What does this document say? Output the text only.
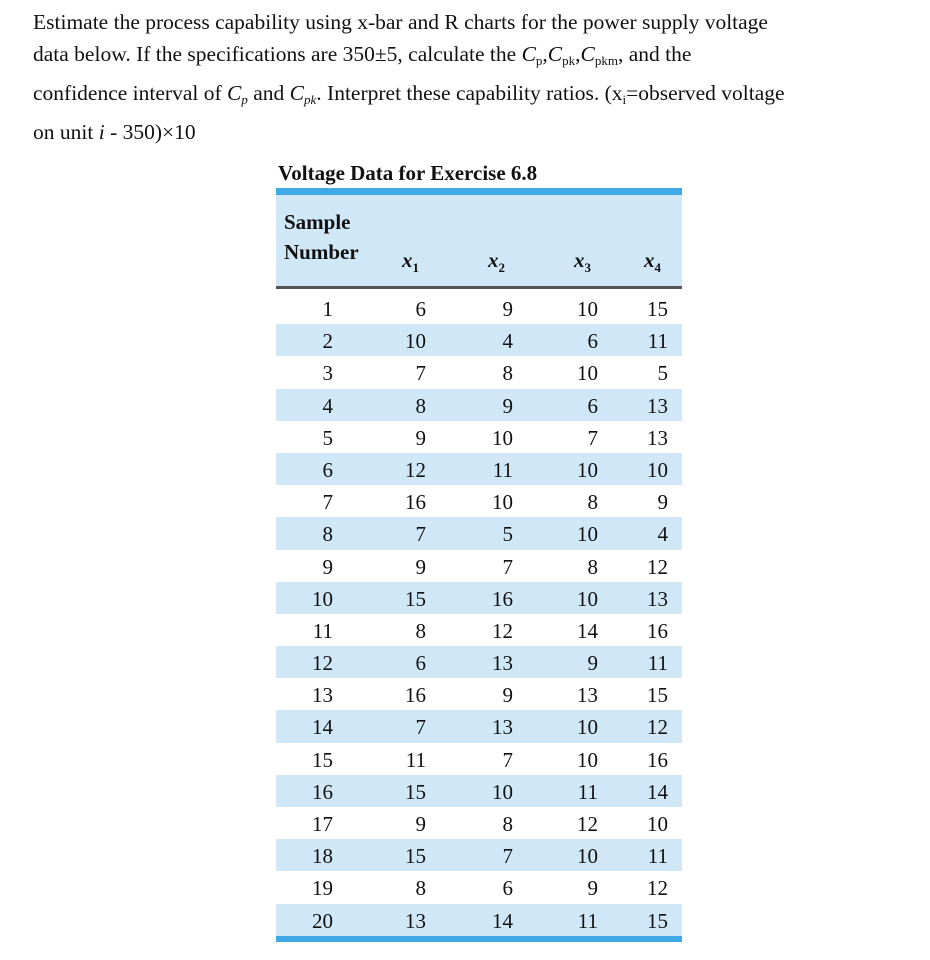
Estimate the process capability using x-bar and R charts for the power supply voltage
data below. If the specifications are 350±5, calculate the $C_p,C_{pk},C_{pkm}$, and the
confidence interval of $C_p$ and $C_{pk}$. Interpret these capability ratios. ($x_i=observed$ voltage
on unit i - 350)×10
Voltage Data for Exercise 6.8
Sample
Number $x_1$	$x_2$	$x_3$	$x_4$
1	6	9	10	15
2	10	4	6	11
3	7	8	10	5
4	8	9	6	13
5	9	10	7	13
6	12	11	10	10
7	16	10	8	9
8	7	5	10	4
9	9	7	8	12
10	15	16	10	13
11	8	12	14	16
12	6	13	9	11
13	16	9	13	15
14	7	13	10	12
15	11	7	10	16
16	15	10	11	14
17	9	8	12	10
18	15	7	10	11
19	8	6	9	12
20	13	14	11	15
